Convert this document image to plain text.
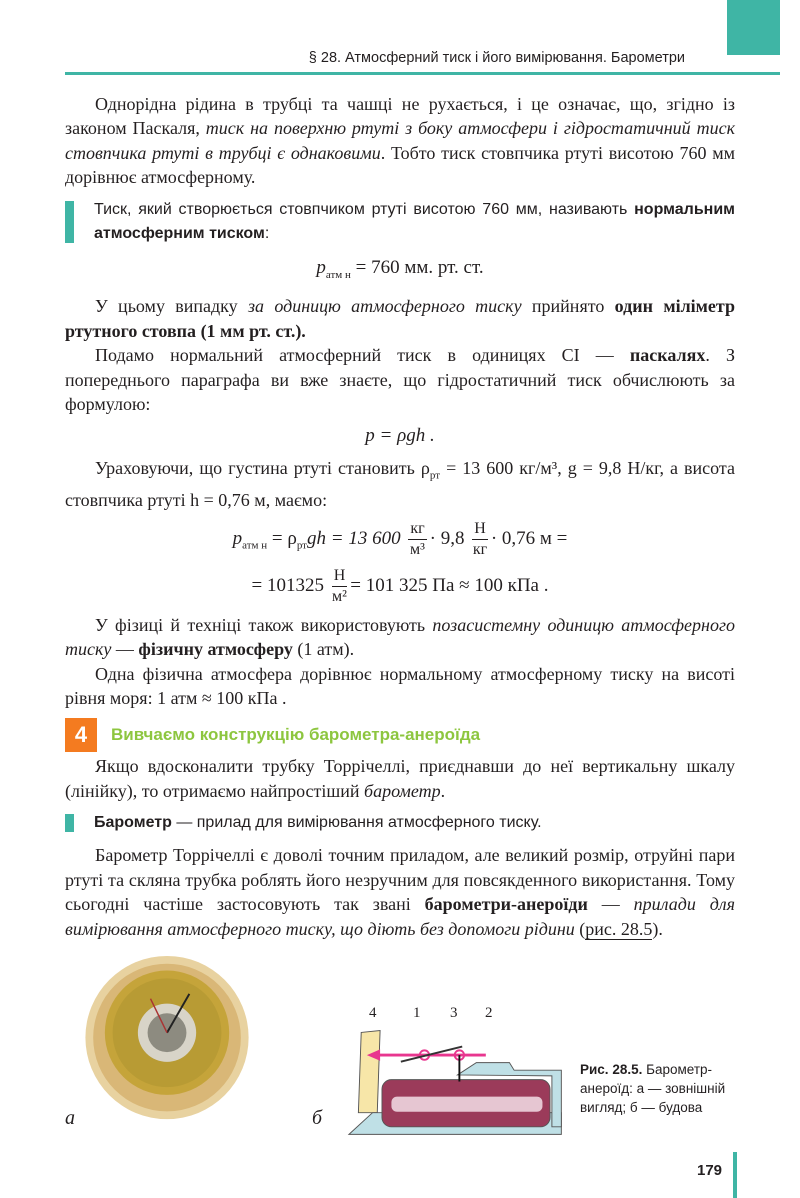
§ 28. Атмосферний тиск і його вимірювання. Барометри

Однорідна рідина в трубці та чашці не рухається, і це означає, що, згідно із законом Паскаля, тиск на поверхню ртуті з боку атмосфери і гідростатичний тиск стовпчика ртуті в трубці є однаковими. Тобто тиск стовпчика ртуті висотою 760 мм дорівнює атмосферному.

Тиск, який створюється стовпчиком ртуті висотою 760 мм, називають нормальним атмосферним тиском:

$p_{атм н} = 760$ мм. рт. ст.

У цьому випадку за одиницю атмосферного тиску прийнято один міліметр ртутного стовпа (1 мм рт. ст.).

Подамо нормальний атмосферний тиск в одиницях СІ — паскалях. З попереднього параграфа ви вже знаєте, що гідростатичний тиск обчислюють за формулою:

p = ρgh .

Ураховуючи, що густина ртуті становить $\rho_{рт} = 13$ 600 кг/м³, g = 9,8 Н/кг, а висота стовпчика ртуті h = 0,76 м, маємо:

$p_{атм н} = \rho_{рт}gh = 13$ $600 \frac{кг}{\text{м³}} \cdot 9,8 \frac{Н}{кг} \cdot 0,76$ м =
= $101325 \frac{Н}{\text{м²}} = 101$ 325 Па ≈ 100 кПа .

У фізиці й техніці також використовують позасистемну одиницю атмосферного тиску — фізичну атмосферу (1 атм).

Одна фізична атмосфера дорівнює нормальному атмосферному тиску на висоті рівня моря: 1 атм ≈ 100 кПа .

4	Вивчаємо конструкцію барометра-анероїда

Якщо вдосконалити трубку Торрічеллі, приєднавши до неї вертикальну шкалу (лінійку), то отримаємо найпростіший барометр.

Барометр — прилад для вимірювання атмосферного тиску.

Барометр Торрічеллі є доволі точним приладом, але великий розмір, отруйні пари ртуті та скляна трубка роблять його незручним для повсякденного використання. Тому сьогодні частіше застосовують так звані барометри-анероїди — прилади для вимірювання атмосферного тиску, що діють без допомоги рідини (рис. 28.5).

а
4 1 3 2
б
Рис. 28.5. Барометр-анероїд: а — зовнішній вигляд; б — будова
179
